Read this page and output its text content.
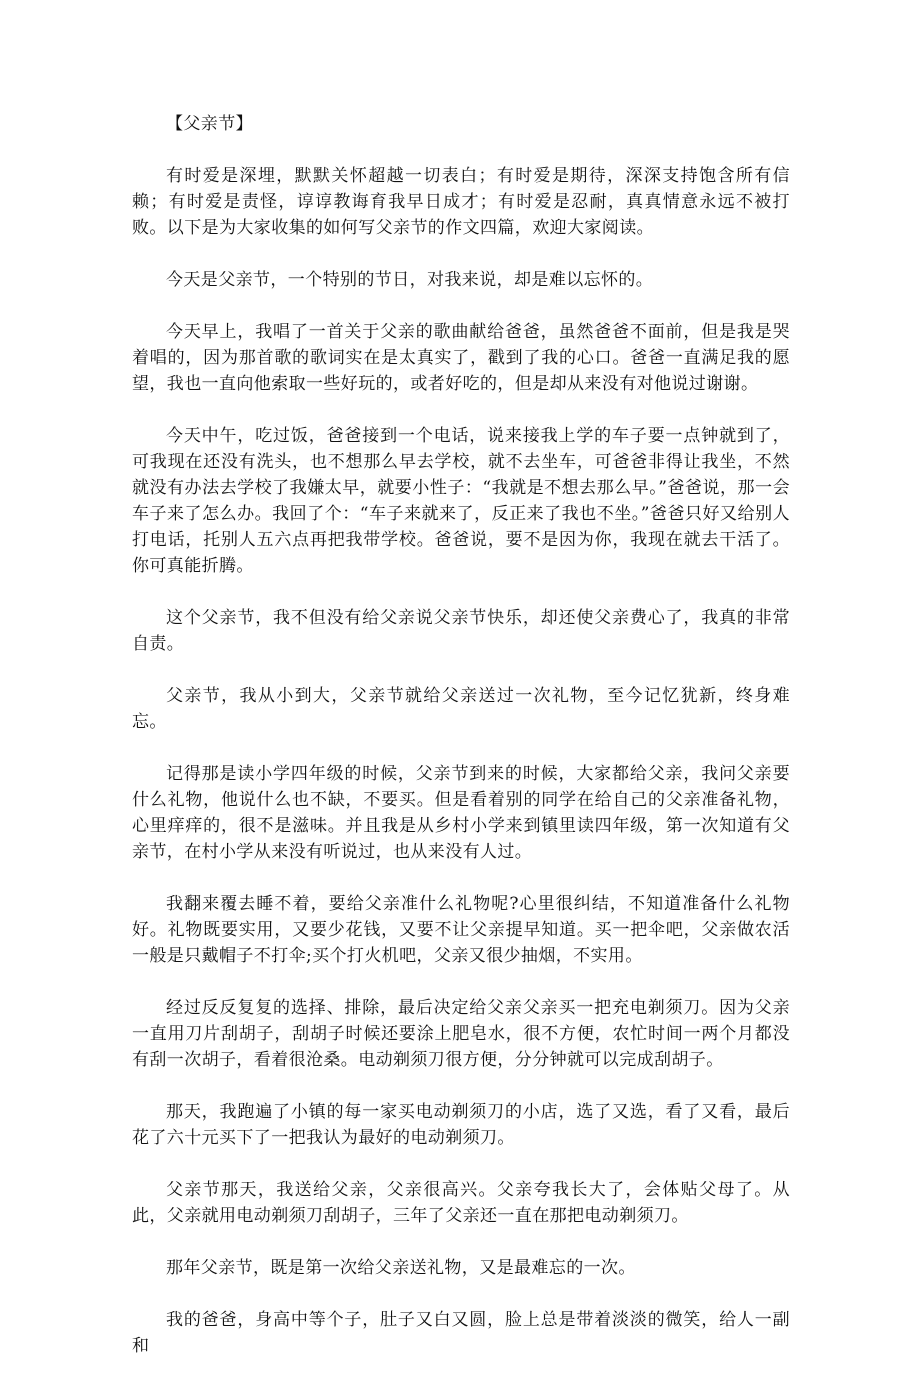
【父亲节】

有时爱是深埋，默默关怀超越一切表白；有时爱是期待，深深支持饱含所有信赖；有时爱是责怪，谆谆教诲育我早日成才；有时爱是忍耐，真真情意永远不被打败。以下是为大家收集的如何写父亲节的作文四篇，欢迎大家阅读。

今天是父亲节，一个特别的节日，对我来说，却是难以忘怀的。

今天早上，我唱了一首关于父亲的歌曲献给爸爸，虽然爸爸不面前，但是我是哭着唱的，因为那首歌的歌词实在是太真实了，戳到了我的心口。爸爸一直满足我的愿望，我也一直向他索取一些好玩的，或者好吃的，但是却从来没有对他说过谢谢。

今天中午，吃过饭，爸爸接到一个电话，说来接我上学的车子要一点钟就到了，可我现在还没有洗头，也不想那么早去学校，就不去坐车，可爸爸非得让我坐，不然就没有办法去学校了我嫌太早，就要小性子：“我就是不想去那么早。”爸爸说，那一会车子来了怎么办。我回了个：“车子来就来了，反正来了我也不坐。”爸爸只好又给别人打电话，托别人五六点再把我带学校。爸爸说，要不是因为你，我现在就去干活了。你可真能折腾。

这个父亲节，我不但没有给父亲说父亲节快乐，却还使父亲费心了，我真的非常自责。

父亲节，我从小到大，父亲节就给父亲送过一次礼物，至今记忆犹新，终身难忘。

记得那是读小学四年级的时候，父亲节到来的时候，大家都给父亲，我问父亲要什么礼物，他说什么也不缺，不要买。但是看着别的同学在给自己的父亲准备礼物，心里痒痒的，很不是滋味。并且我是从乡村小学来到镇里读四年级，第一次知道有父亲节，在村小学从来没有听说过，也从来没有人过。

我翻来覆去睡不着，要给父亲准什么礼物呢?心里很纠结，不知道准备什么礼物好。礼物既要实用，又要少花钱，又要不让父亲提早知道。买一把伞吧，父亲做农活一般是只戴帽子不打伞;买个打火机吧，父亲又很少抽烟，不实用。

经过反反复复的选择、排除，最后决定给父亲父亲买一把充电剃须刀。因为父亲一直用刀片刮胡子，刮胡子时候还要涂上肥皂水，很不方便，农忙时间一两个月都没有刮一次胡子，看着很沧桑。电动剃须刀很方便，分分钟就可以完成刮胡子。

那天，我跑遍了小镇的每一家买电动剃须刀的小店，选了又选，看了又看，最后花了六十元买下了一把我认为最好的电动剃须刀。

父亲节那天，我送给父亲，父亲很高兴。父亲夸我长大了，会体贴父母了。从此，父亲就用电动剃须刀刮胡子，三年了父亲还一直在那把电动剃须刀。

那年父亲节，既是第一次给父亲送礼物，又是最难忘的一次。

我的爸爸，身高中等个子，肚子又白又圆，脸上总是带着淡淡的微笑，给人一副和
